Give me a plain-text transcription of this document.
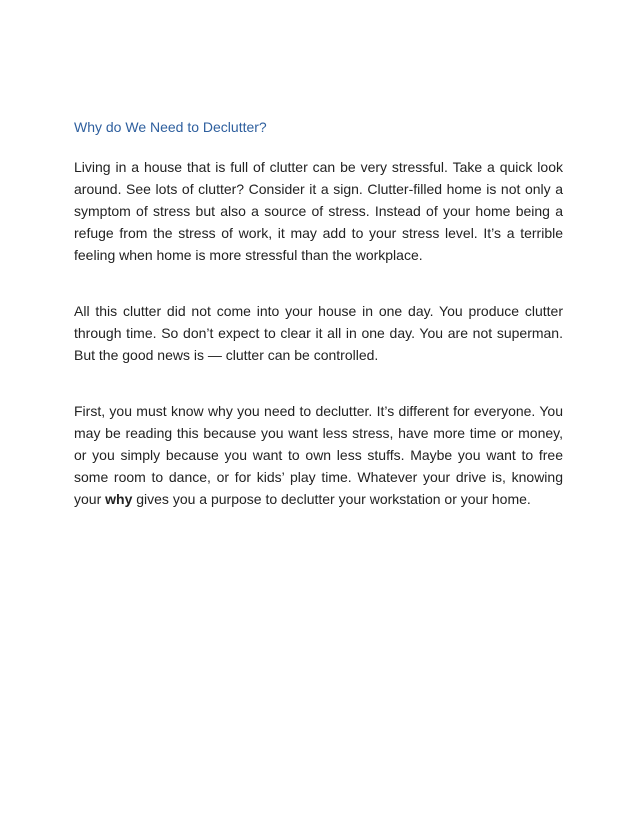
Why do We Need to Declutter?

Living in a house that is full of clutter can be very stressful. Take a quick look around. See lots of clutter? Consider it a sign. Clutter-filled home is not only a symptom of stress but also a source of stress. Instead of your home being a refuge from the stress of work, it may add to your stress level. It’s a terrible feeling when home is more stressful than the workplace.

All this clutter did not come into your house in one day. You produce clutter through time. So don’t expect to clear it all in one day. You are not superman. But the good news is — clutter can be controlled.

First, you must know why you need to declutter. It’s different for everyone. You may be reading this because you want less stress, have more time or money, or you simply because you want to own less stuffs. Maybe you want to free some room to dance, or for kids’ play time. Whatever your drive is, knowing your why gives you a purpose to declutter your workstation or your home.
